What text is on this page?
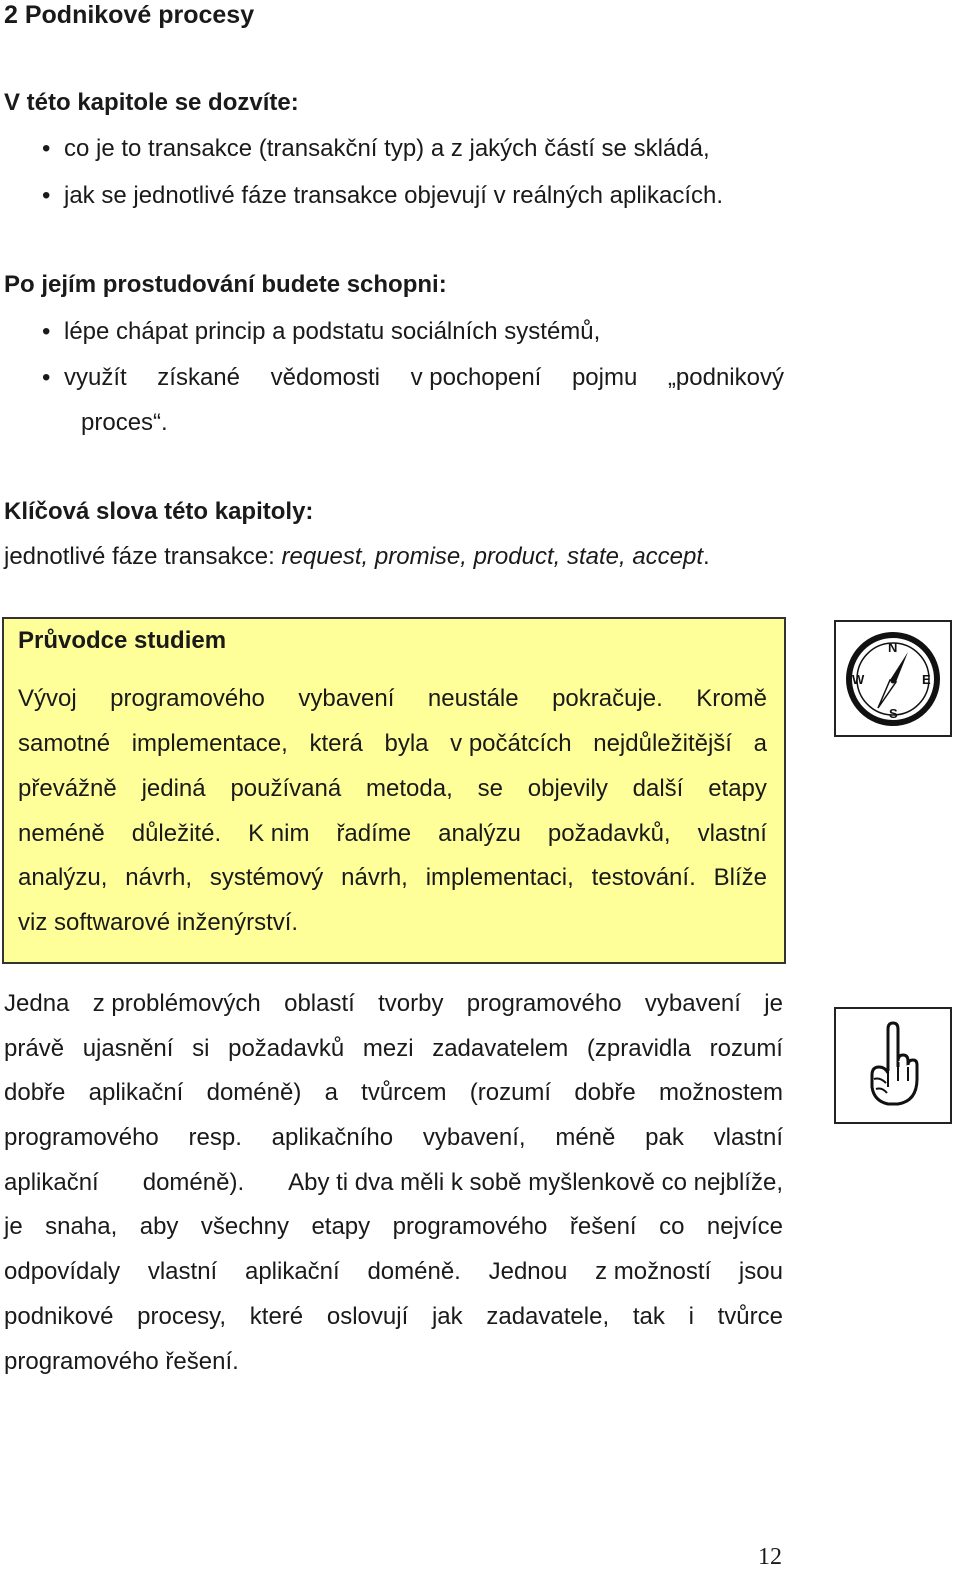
2 Podnikové procesy
V této kapitole se dozvíte:
• co je to transakce (transakční typ) a z jakých částí se skládá,
• jak se jednotlivé fáze transakce objevují v reálných aplikacích.
Po jejím prostudování budete schopni:
• lépe chápat princip a podstatu sociálních systémů,
• využít získané vědomosti v pochopení pojmu „podnikový
proces“.
Klíčová slova této kapitoly:
jednotlivé fáze transakce: request, promise, product, state, accept.
Průvodce studiem
Vývoj programového vybavení neustále pokračuje. Kromě
samotné implementace, která byla v počátcích nejdůležitější a
převážně jediná používaná metoda, se objevily další etapy
neméně důležité. K nim řadíme analýzu požadavků, vlastní
analýzu, návrh, systémový návrh, implementaci, testování. Blíže
viz softwarové inženýrství.
N
W	E
S
Jedna z problémových oblastí tvorby programového vybavení je
právě ujasnění si požadavků mezi zadavatelem (zpravidla rozumí
dobře aplikační doméně) a tvůrcem (rozumí dobře možnostem
programového resp. aplikačního vybavení, méně pak vlastní
aplikační doméně). Aby ti dva měli k sobě myšlenkově co nejblíže,
je snaha, aby všechny etapy programového řešení co nejvíce
odpovídaly vlastní aplikační doméně. Jednou z možností jsou
podnikové procesy, které oslovují jak zadavatele, tak i tvůrce
programového řešení.
12
